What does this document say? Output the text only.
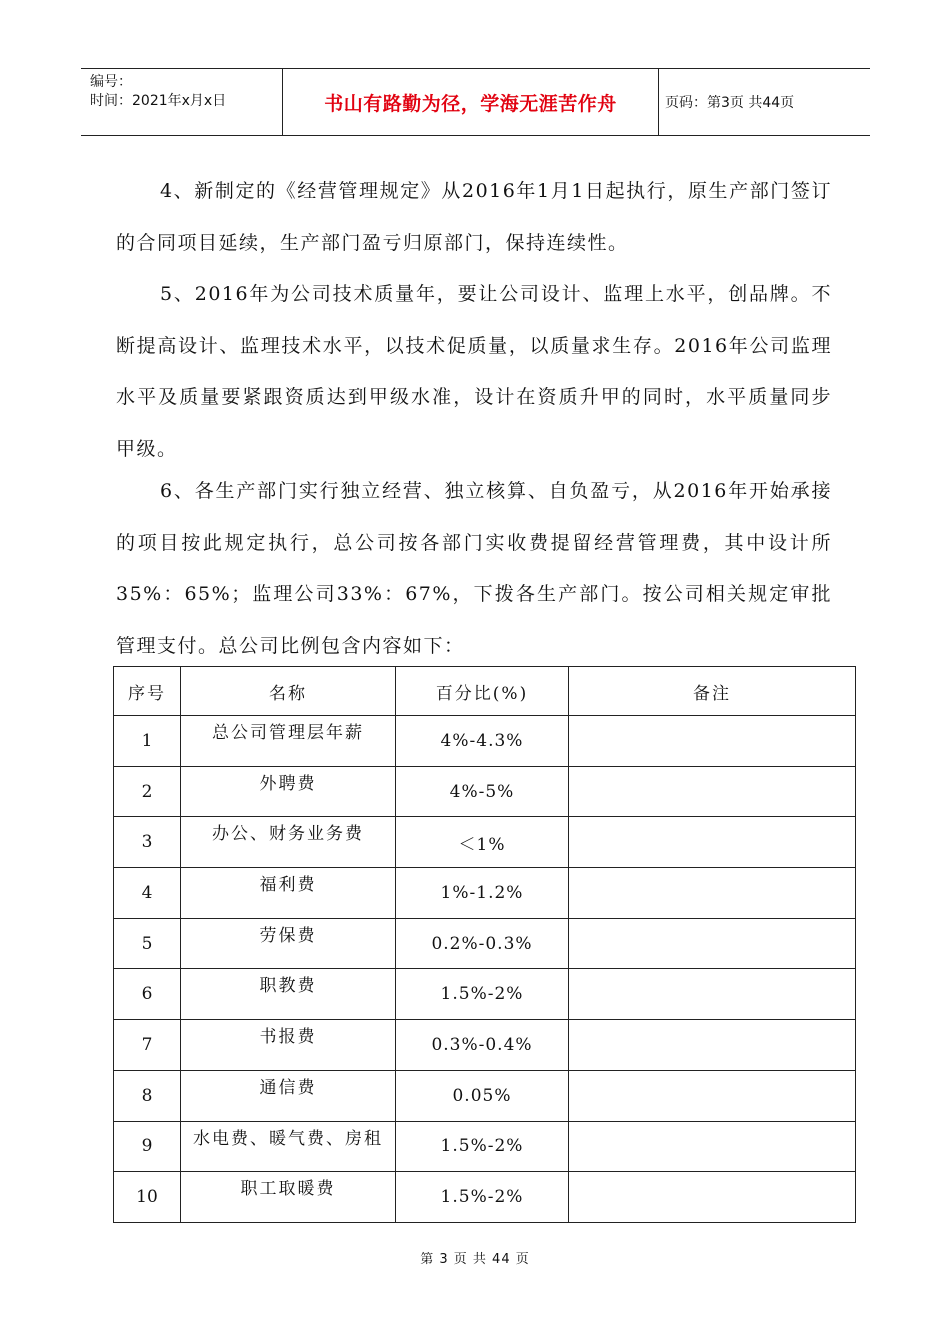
编号：
时间：2021年x月x日	书山有路勤为径，学海无涯苦作舟	页码：第3页 共44页

4、新制定的《经营管理规定》从2016年1月1日起执行，原生产部门签订的合同项目延续，生产部门盈亏归原部门，保持连续性。

5、2016年为公司技术质量年，要让公司设计、监理上水平，创品牌。不断提高设计、监理技术水平，以技术促质量，以质量求生存。2016年公司监理水平及质量要紧跟资质达到甲级水准，设计在资质升甲的同时，水平质量同步甲级。

6、各生产部门实行独立经营、独立核算、自负盈亏，从2016年开始承接的项目按此规定执行，总公司按各部门实收费提留经营管理费，其中设计所35%：65%；监理公司33%：67%，下拨各生产部门。按公司相关规定审批管理支付。总公司比例包含内容如下：

序号	名称	百分比(%)	备注
1	总公司管理层年薪	4%-4.3%	
2	外聘费	4%-5%	
3	办公、财务业务费	＜1%	
4	福利费	1%-1.2%	
5	劳保费	0.2%-0.3%	
6	职教费	1.5%-2%	
7	书报费	0.3%-0.4%	
8	通信费	0.05%	
9	水电费、暖气费、房租	1.5%-2%	
10	职工取暖费	1.5%-2%	
第 3 页 共 44 页
